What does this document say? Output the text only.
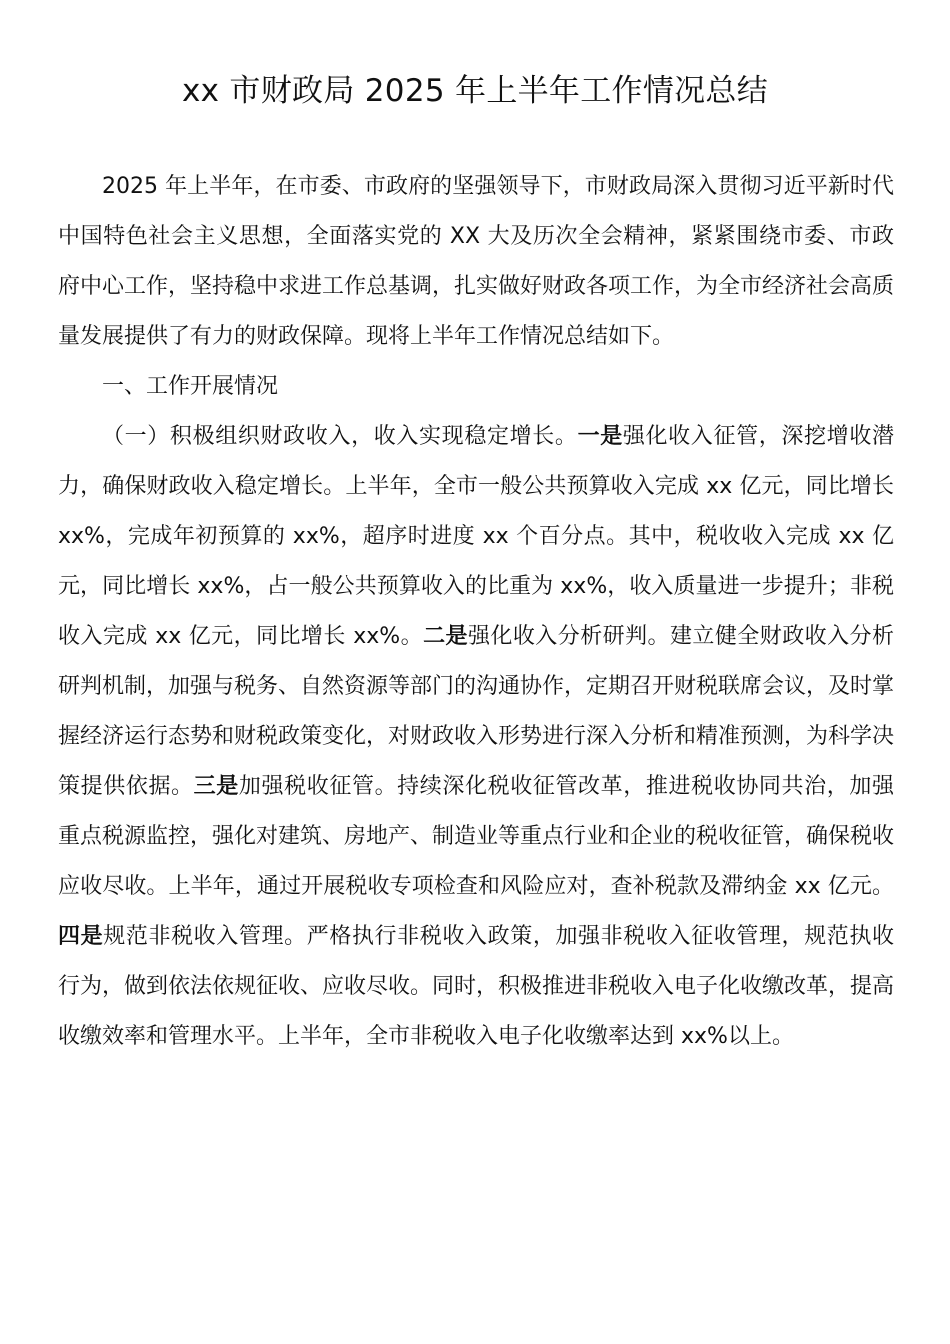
xx 市财政局 2025 年上半年工作情况总结

2025 年上半年，在市委、市政府的坚强领导下，市财政局深入贯彻习近平新时代中国特色社会主义思想，全面落实党的 XX 大及历次全会精神，紧紧围绕市委、市政府中心工作，坚持稳中求进工作总基调，扎实做好财政各项工作，为全市经济社会高质量发展提供了有力的财政保障。现将上半年工作情况总结如下。

一、工作开展情况

（一）积极组织财政收入，收入实现稳定增长。一是强化收入征管，深挖增收潜力，确保财政收入稳定增长。上半年，全市一般公共预算收入完成 xx 亿元，同比增长 xx%，完成年初预算的 xx%，超序时进度 xx 个百分点。其中，税收收入完成 xx 亿元，同比增长 xx%，占一般公共预算收入的比重为 xx%，收入质量进一步提升；非税收入完成 xx 亿元，同比增长 xx%。二是强化收入分析研判。建立健全财政收入分析研判机制，加强与税务、自然资源等部门的沟通协作，定期召开财税联席会议，及时掌握经济运行态势和财税政策变化，对财政收入形势进行深入分析和精准预测，为科学决策提供依据。三是加强税收征管。持续深化税收征管改革，推进税收协同共治，加强重点税源监控，强化对建筑、房地产、制造业等重点行业和企业的税收征管，确保税收应收尽收。上半年，通过开展税收专项检查和风险应对，查补税款及滞纳金 xx 亿元。四是规范非税收入管理。严格执行非税收入政策，加强非税收入征收管理，规范执收行为，做到依法依规征收、应收尽收。同时，积极推进非税收入电子化收缴改革，提高收缴效率和管理水平。上半年，全市非税收入电子化收缴率达到 xx%以上。
